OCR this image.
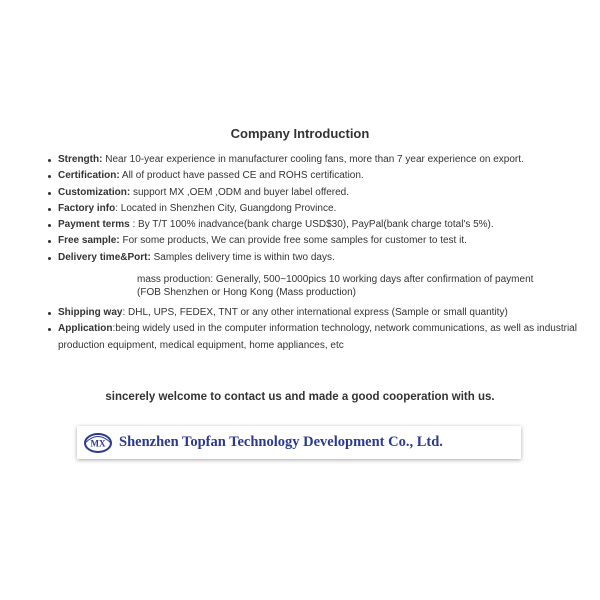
Company Introduction
Strength: Near 10-year experience in manufacturer cooling fans, more than 7 year experience on export.
Certification: All of product have passed CE and ROHS certification.
Customization: support MX ,OEM ,ODM and buyer label offered.
Factory info: Located in Shenzhen City, Guangdong Province.
Payment terms : By T/T 100% inadvance(bank charge USD$30), PayPal(bank charge total's 5%).
Free sample: For some products, We can provide free some samples for customer to test it.
Delivery time&Port: Samples delivery time is within two days.
mass production: Generally, 500~1000pics 10 working days after confirmation of payment
(FOB Shenzhen or Hong Kong (Mass production)
Shipping way: DHL, UPS, FEDEX, TNT or any other international express (Sample or small quantity)
Application:being widely used in the computer information technology, network communications, as well as industrial production equipment, medical equipment, home appliances, etc
sincerely welcome to contact us and made a good cooperation with us.
MX Shenzhen Topfan Technology Development Co., Ltd.
